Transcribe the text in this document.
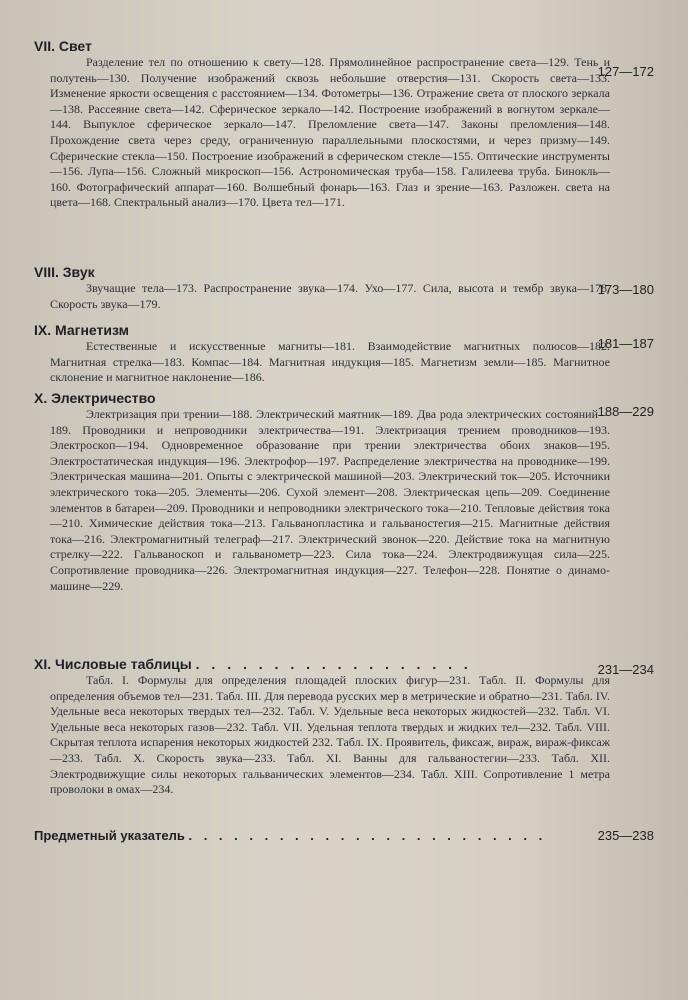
VII. Свет
127—172
Разделение тел по отношению к свету—128. Прямолинейное распространение света—129. Тень и полутень—130. Получение изображений сквозь небольшие отверстия—131. Скорость света—133. Изменение яркости освещения с расстоянием—134. Фотометры—136. Отражение света от плоского зеркала—138. Рассеяние света—142. Сферическое зеркало—142. Построение изображений в вогнутом зеркале—144. Выпуклое сферическое зеркало—147. Преломление света—147. Законы преломления—148. Прохождение света через среду, ограниченную параллельными плоскостями, и через призму—149. Сферические стекла—150. Построение изображений в сферическом стекле—155. Оптические инструменты—156. Лупа—156. Сложный микроскоп—156. Астрономическая труба—158. Галилеева труба. Бинокль—160. Фотографический аппарат—160. Волшебный фонарь—163. Глаз и зрение—163. Разложен. света на цвета—168. Спектральный анализ—170. Цвета тел—171.
VIII. Звук
173—180
Звучащие тела—173. Распространение звука—174. Ухо—177. Сила, высота и тембр звука—178. Скорость звука—179.
IX. Магнетизм
181—187
Естественные и искусственные магниты—181. Взаимодействие магнитных полюсов—182. Магнитная стрелка—183. Компас—184. Магнитная индукция—185. Магнетизм земли—185. Магнитное склонение и магнитное наклонение—186.
X. Электричество
188—229
Электризация при трении—188. Электрический маятник—189. Два рода электрических состояний—189. Проводники и непроводники электричества—191. Электризация трением проводников—193. Электроскоп—194. Одновременное образование при трении электричества обоих знаков—195. Электростатическая индукция—196. Электрофор—197. Распределение электричества на проводнике—199. Электрическая машина—201. Опыты с электрической машиной—203. Электрический ток—205. Источники электрического тока—205. Элементы—206. Сухой элемент—208. Электрическая цепь—209. Соединение элементов в батареи—209. Проводники и непроводники электрического тока—210. Тепловые действия тока—210. Химические действия тока—213. Гальванопластика и гальваностегия—215. Магнитные действия тока—216. Электромагнитный телеграф—217. Электрический звонок—220. Действие тока на магнитную стрелку—222. Гальваноскоп и гальванометр—223. Сила тока—224. Электродвижущая сила—225. Сопротивление проводника—226. Электромагнитная индукция—227. Телефон—228. Понятие о динамо-машине—229.
XI. Числовые таблицы . . . . . . . . . . . . . . . . . .	231—234
Табл. I. Формулы для определения площадей плоских фигур—231. Табл. II. Формулы для определения объемов тел—231. Табл. III. Для перевода русских мер в метрические и обратно—231. Табл. IV. Удельные веса некоторых твердых тел—232. Табл. V. Удельные веса некоторых жидкостей—232. Табл. VI. Удельные веса некоторых газов—232. Табл. VII. Удельная теплота твердых и жидких тел—232. Табл. VIII. Скрытая теплота испарения некоторых жидкостей 232. Табл. IX. Проявитель, фиксаж, вираж, вираж-фиксаж—233. Табл. X. Скорость звука—233. Табл. XI. Ванны для гальваностегии—233. Табл. XII. Электродвижущие силы некоторых гальванических элементов—234. Табл. XIII. Сопротивление 1 метра проволоки в омах—234.
Предметный указатель . . . . . . . . . . . . . . . . . . . . . . . .	235—238
